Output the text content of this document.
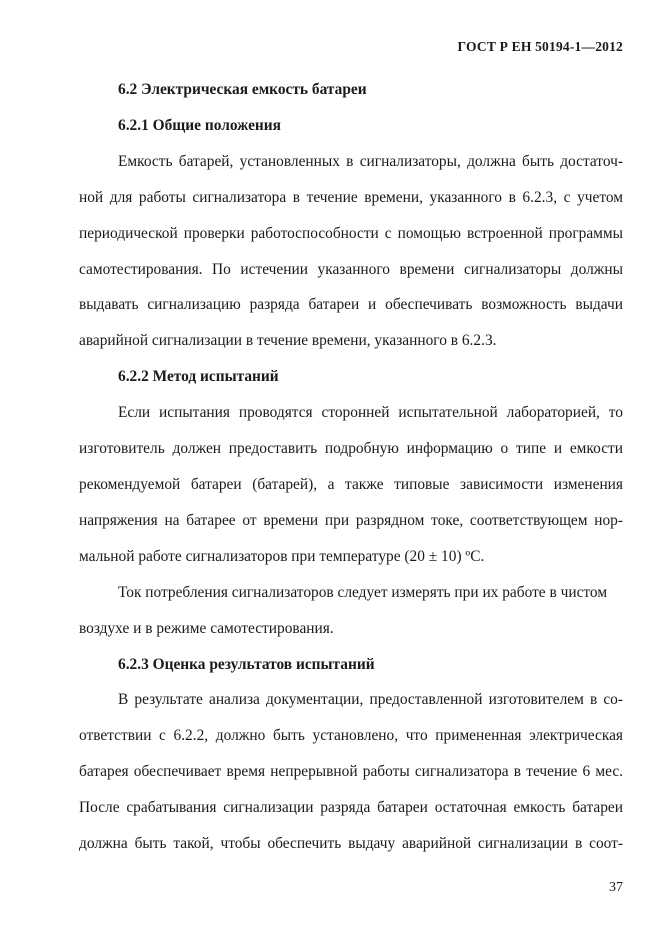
ГОСТ Р ЕН 50194-1—2012

6.2 Электрическая емкость батареи

6.2.1 Общие положения

Емкость батарей, установленных в сигнализаторы, должна быть достаточ-
ной для работы сигнализатора в течение времени, указанного в 6.2.3, с учетом
периодической проверки работоспособности с помощью встроенной программы
самотестирования. По истечении указанного времени сигнализаторы должны
выдавать сигнализацию разряда батареи и обеспечивать возможность выдачи
аварийной сигнализации в течение времени, указанного в 6.2.3.

6.2.2 Метод испытаний

Если испытания проводятся сторонней испытательной лабораторией, то
изготовитель должен предоставить подробную информацию о типе и емкости
рекомендуемой батареи (батарей), а также типовые зависимости изменения
напряжения на батарее от времени при разрядном токе, соответствующем нор-
мальной работе сигнализаторов при температуре (20 ± 10) ºС.
Ток потребления сигнализаторов следует измерять при их работе в чистом
воздухе и в режиме самотестирования.

6.2.3 Оценка результатов испытаний

В результате анализа документации, предоставленной изготовителем в со-
ответствии с 6.2.2, должно быть установлено, что примененная электрическая
батарея обеспечивает время непрерывной работы сигнализатора в течение 6 мес.
После срабатывания сигнализации разряда батареи остаточная емкость батареи
должна быть такой, чтобы обеспечить выдачу аварийной сигнализации в соот-
37
